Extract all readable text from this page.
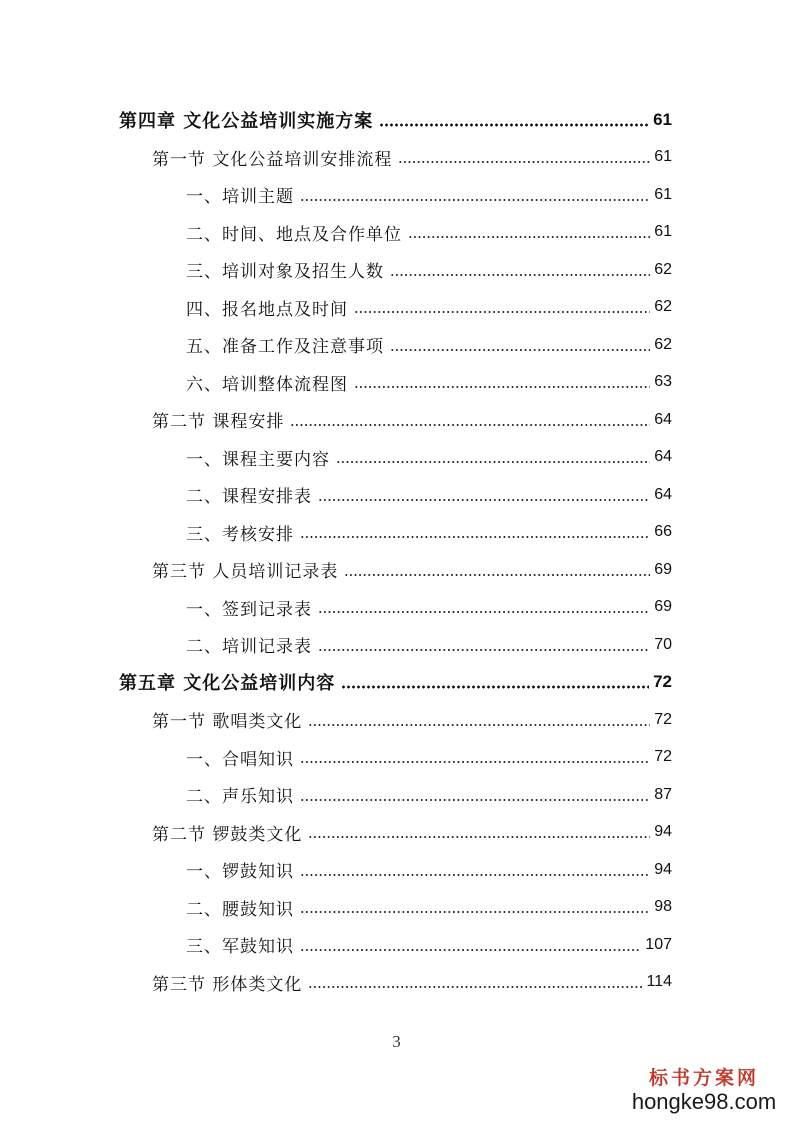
第四章 文化公益培训实施方案	61
第一节 文化公益培训安排流程	61
一、培训主题	61
二、时间、地点及合作单位	61
三、培训对象及招生人数	62
四、报名地点及时间	62
五、准备工作及注意事项	62
六、培训整体流程图	63
第二节 课程安排	64
一、课程主要内容	64
二、课程安排表	64
三、考核安排	66
第三节 人员培训记录表	69
一、签到记录表	69
二、培训记录表	70
第五章 文化公益培训内容	72
第一节 歌唱类文化	72
一、合唱知识	72
二、声乐知识	87
第二节 锣鼓类文化	94
一、锣鼓知识	94
二、腰鼓知识	98
三、军鼓知识	107
第三节 形体类文化	114
3
标书方案网
hongke98.com
